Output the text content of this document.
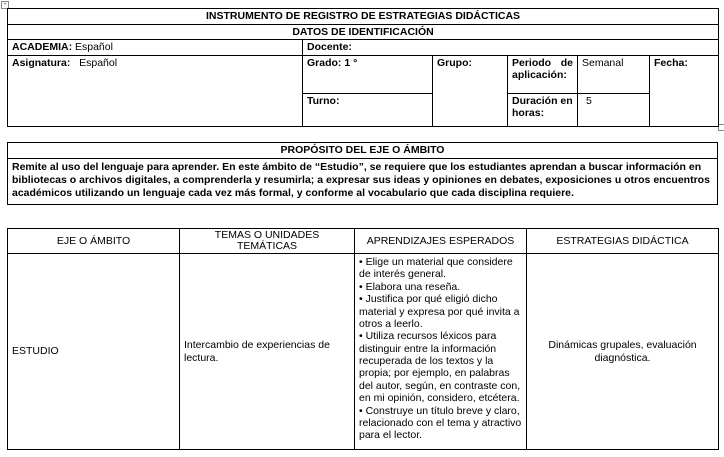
+
INSTRUMENTO DE REGISTRO DE ESTRATEGIAS DIDÁCTICAS					
DATOS DE IDENTIFICACIÓN					
ACADEMIA: Español	Docente:				
Asignatura: Español	Grado: 1 °	Grupo:	Periodo de aplicación:	Semanal	Fecha:
	Turno:		Duración en horas:	5	
PROPÓSITO DEL EJE O ÁMBITO
Remite al uso del lenguaje para aprender. En este ámbito de “Estudio”, se requiere que los estudiantes aprendan a buscar información en bibliotecas o archivos digitales, a comprenderla y resumirla; a expresar sus ideas y opiniones en debates, exposiciones u otros encuentros académicos utilizando un lenguaje cada vez más formal, y conforme al vocabulario que cada disciplina requiere.
EJE O ÁMBITO	TEMAS O UNIDADES TEMÁTICAS	APRENDIZAJES ESPERADOS	ESTRATEGIAS DIDÁCTICA
ESTUDIO	Intercambio de experiencias de lectura.	• Elige un material que considere de interés general.
• Elabora una reseña.
• Justifica por qué eligió dicho material y expresa por qué invita a otros a leerlo.
• Utiliza recursos léxicos para distinguir entre la información recuperada de los textos y la propia; por ejemplo, en palabras del autor, según, en contraste con, en mi opinión, considero, etcétera.
• Construye un título breve y claro, relacionado con el tema y atractivo para el lector.	Dinámicas grupales, evaluación diagnóstica.
